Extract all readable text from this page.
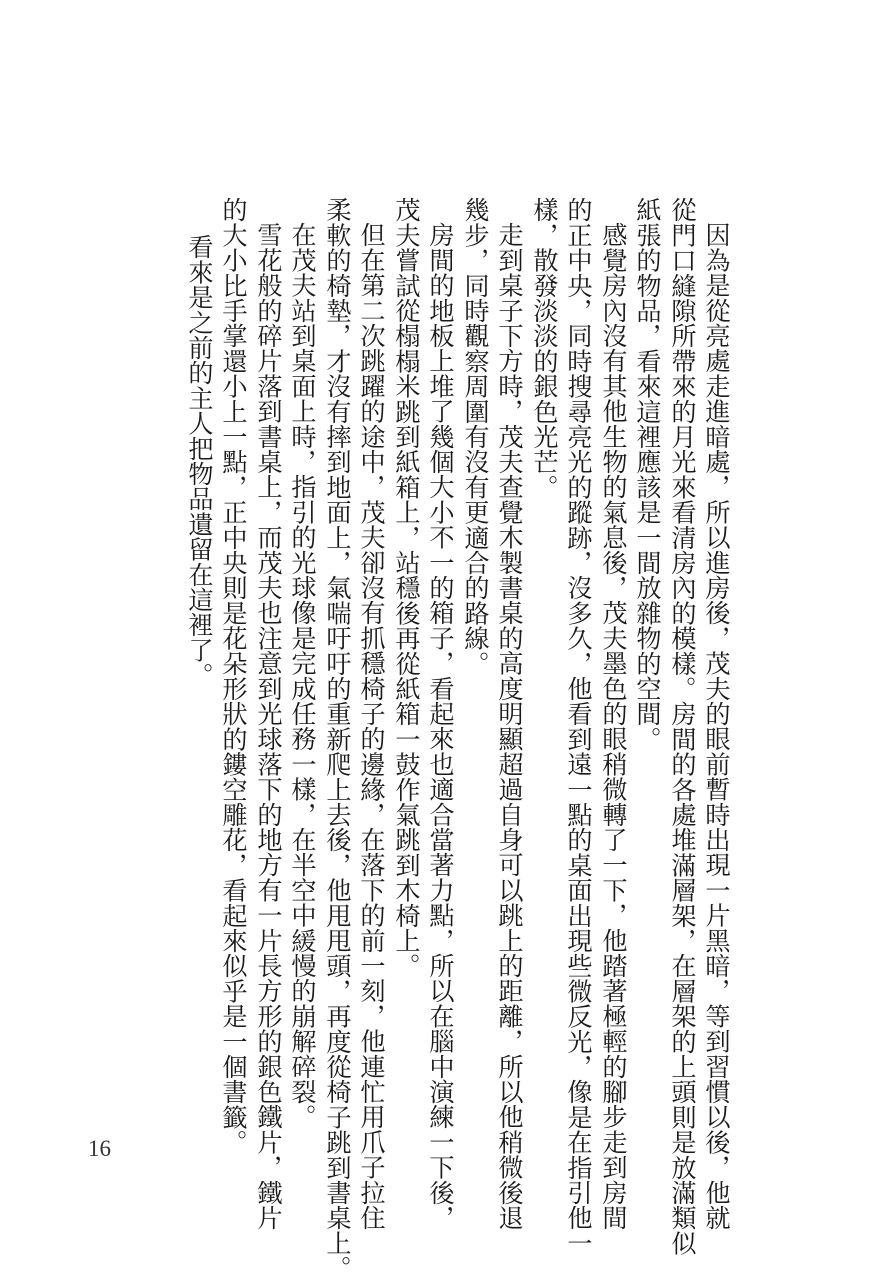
因為是從亮處走進暗處，所以進房後，茂夫的眼前暫時出現一片黑暗，等到習慣以後，他就

從門口縫隙所帶來的月光來看清房內的模樣。房間的各處堆滿層架，在層架的上頭則是放滿類似

紙張的物品，看來這裡應該是一間放雜物的空間。

感覺房內沒有其他生物的氣息後，茂夫墨色的眼稍微轉了一下，他踏著極輕的腳步走到房間

的正中央，同時搜尋亮光的蹤跡，沒多久，他看到遠一點的桌面出現些微反光，像是在指引他一

樣，散發淡淡的銀色光芒。

走到桌子下方時，茂夫查覺木製書桌的高度明顯超過自身可以跳上的距離，所以他稍微後退

幾步，同時觀察周圍有沒有更適合的路線。

房間的地板上堆了幾個大小不一的箱子，看起來也適合當著力點，所以在腦中演練一下後，

茂夫嘗試從榻榻米跳到紙箱上，站穩後再從紙箱一鼓作氣跳到木椅上。

但在第二次跳躍的途中，茂夫卻沒有抓穩椅子的邊緣，在落下的前一刻，他連忙用爪子拉住

柔軟的椅墊，才沒有摔到地面上，氣喘吁吁的重新爬上去後，他甩甩頭，再度從椅子跳到書桌上。

在茂夫站到桌面上時，指引的光球像是完成任務一樣，在半空中緩慢的崩解碎裂。

雪花般的碎片落到書桌上，而茂夫也注意到光球落下的地方有一片長方形的銀色鐵片，鐵片

的大小比手掌還小上一點，正中央則是花朵形狀的鏤空雕花，看起來似乎是一個書籤。

看來是之前的主人把物品遺留在這裡了。

16
